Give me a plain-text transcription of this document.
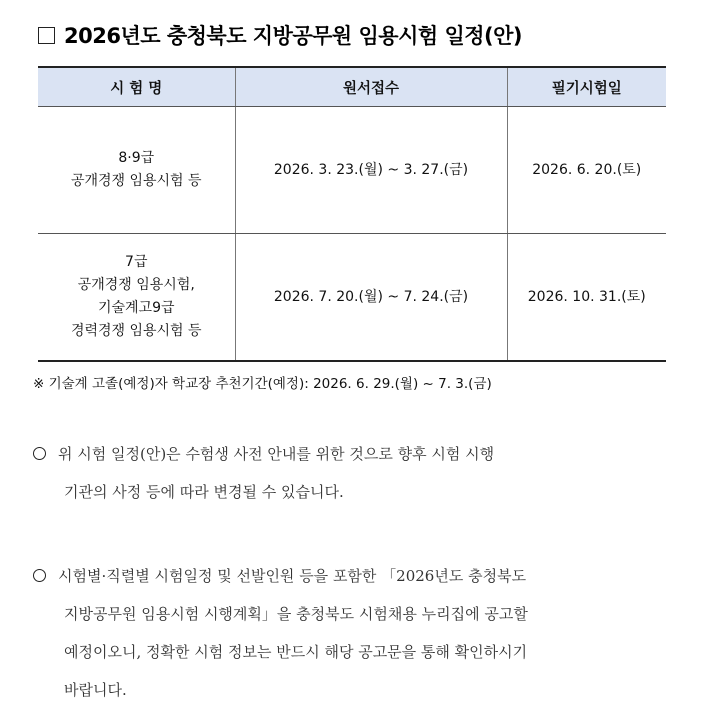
2026년도 충청북도 지방공무원 임용시험 일정(안)
시 험 명	원서접수	필기시험일

8·9급
공개경쟁 임용시험 등	2026. 3. 23.(월) ~ 3. 27.(금)	2026. 6. 20.(토)

7급
공개경쟁 임용시험,
기술계고9급
경력경쟁 임용시험 등	2026. 7. 20.(월) ~ 7. 24.(금)	2026. 10. 31.(토)
※ 기술계 고졸(예정)자 학교장 추천기간(예정): 2026. 6. 29.(월) ~ 7. 3.(금)
위 시험 일정(안)은 수험생 사전 안내를 위한 것으로 향후 시험 시행
기관의 사정 등에 따라 변경될 수 있습니다.
시험별·직렬별 시험일정 및 선발인원 등을 포함한 「2026년도 충청북도
지방공무원 임용시험 시행계획」을 충청북도 시험채용 누리집에 공고할
예정이오니, 정확한 시험 정보는 반드시 해당 공고문을 통해 확인하시기
바랍니다.
